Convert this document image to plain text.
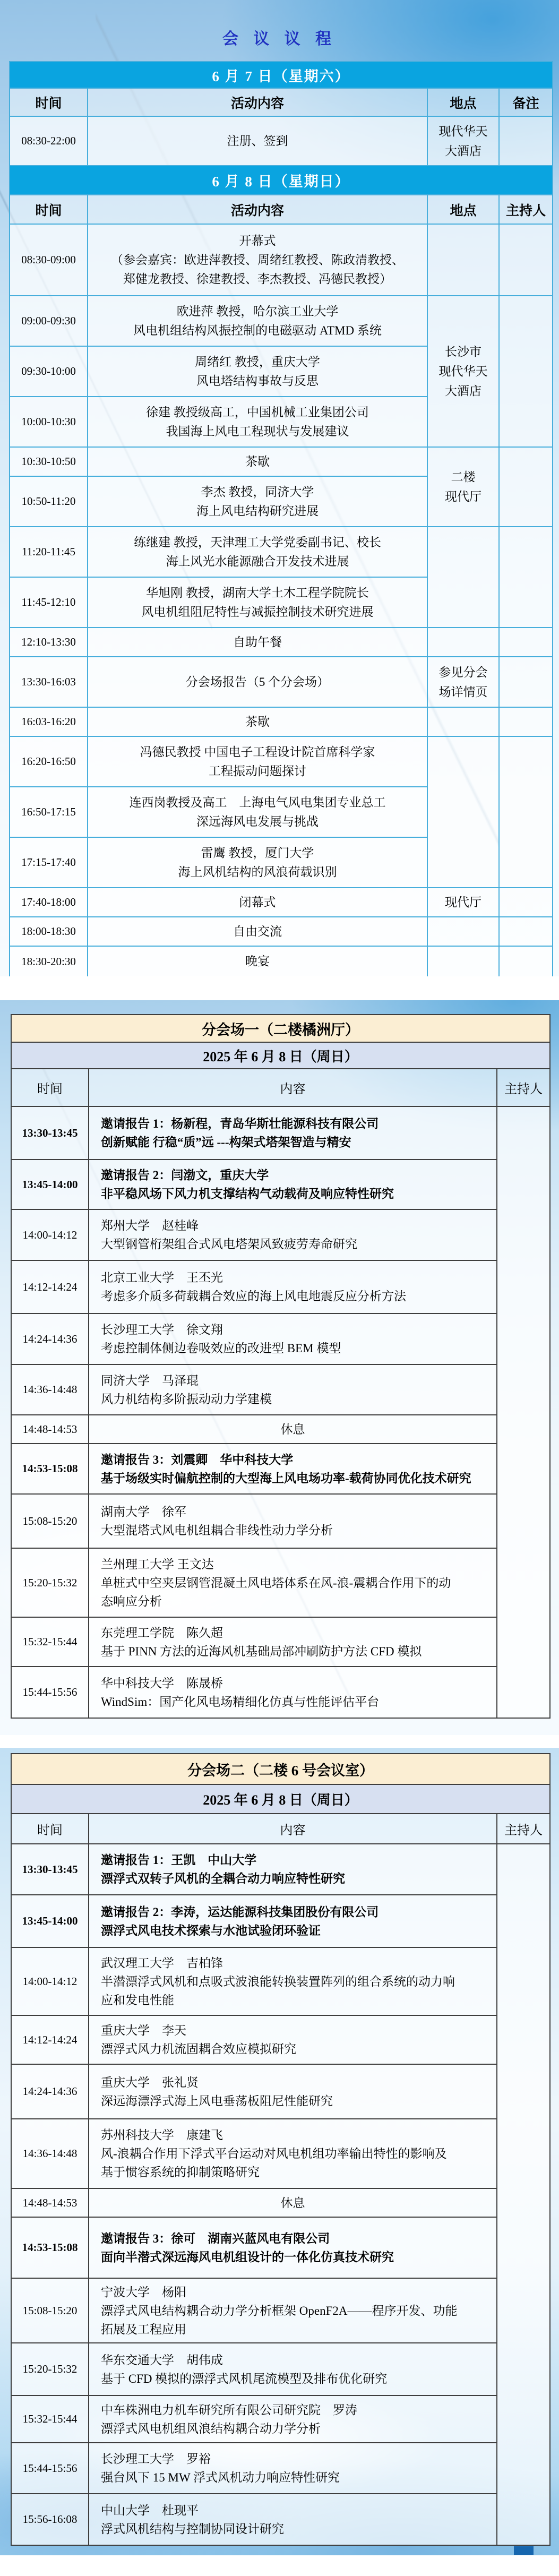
会 议 议 程
6 月 7 日（星期六）			
时间	活动内容	地点	备注
08:30-22:00	注册、签到	现代华天
大酒店	

6 月 8 日（星期日）			
时间	活动内容	地点	主持人
08:30-09:00	开幕式
（参会嘉宾：欧进萍教授、周绪红教授、陈政清教授、
郑健龙教授、徐建教授、李杰教授、冯德民教授）		

09:00-09:30	
欧进萍 教授，哈尔滨工业大学
风电机组结构风振控制的电磁驱动 ATMD 系统

长沙市
现代华天
大酒店

09:30-10:00	周绪红 教授，重庆大学
风电塔结构事故与反思		

10:00-10:30	徐建 教授级高工，中国机械工业集团公司
我国海上风电工程现状与发展建议		

10:30-10:50	茶歇	二楼
现代厅	

10:50-11:20	李杰 教授，同济大学
海上风电结构研究进展		

11:20-11:45	练继建 教授，天津理工大学党委副书记、校长
海上风光水能源融合开发技术进展		

11:45-12:10	华旭刚 教授，湖南大学土木工程学院院长
风电机组阻尼特性与减振控制技术研究进展		

12:10-13:30	自助午餐		

13:30-16:03	分会场报告（5 个分会场）	参见分会
场详情页	

16:03-16:20	茶歇		

16:20-16:50	冯德民教授 中国电子工程设计院首席科学家
工程振动问题探讨		

16:50-17:15	连西岗教授及高工　上海电气风电集团专业总工
深远海风电发展与挑战		

17:15-17:40	雷鹰 教授，厦门大学
海上风机结构的风浪荷载识别		

17:40-18:00	闭幕式	现代厅	

18:00-18:30	自由交流		

18:30-20:30	晚宴		

分会场一（二楼橘洲厅）		
2025 年 6 月 8 日（周日）		
时间	内容	主持人
13:30-13:45	邀请报告 1：杨新程，青岛华斯壮能源科技有限公司
创新赋能 行稳“质”远 ---构架式塔架智造与精安	

13:45-14:00	邀请报告 2：闫渤文，重庆大学
非平稳风场下风力机支撑结构气动载荷及响应特性研究	

14:00-14:12	郑州大学　赵桂峰
大型钢管桁架组合式风电塔架风致疲劳寿命研究	

14:12-14:24	北京工业大学　王丕光
考虑多介质多荷载耦合效应的海上风电地震反应分析方法	

14:24-14:36	长沙理工大学　徐文翔
考虑控制体侧边卷吸效应的改进型 BEM 模型	

14:36-14:48	同济大学　马泽琨
风力机结构多阶振动动力学建模	

14:48-14:53	休息	

14:53-15:08	邀请报告 3：刘震卿　华中科技大学
基于场级实时偏航控制的大型海上风电场功率-载荷协同优化技术研究	

15:08-15:20	湖南大学　徐军
大型混塔式风电机组耦合非线性动力学分析	

15:20-15:32	兰州理工大学 王文达
单桩式中空夹层钢管混凝土风电塔体系在风-浪-震耦合作用下的动
态响应分析	

15:32-15:44	东莞理工学院　陈久超
基于 PINN 方法的近海风机基础局部冲刷防护方法 CFD 模拟	

15:44-15:56	华中科技大学　陈晟桥
WindSim：国产化风电场精细化仿真与性能评估平台	
分会场二（二楼 6 号会议室）		
2025 年 6 月 8 日（周日）		
时间	内容	主持人
13:30-13:45	邀请报告 1：王凯　中山大学
漂浮式双转子风机的全耦合动力响应特性研究	

13:45-14:00	邀请报告 2：李涛，运达能源科技集团股份有限公司
漂浮式风电技术探索与水池试验闭环验证	

14:00-14:12	武汉理工大学　吉柏锋
半潜漂浮式风机和点吸式波浪能转换装置阵列的组合系统的动力响
应和发电性能	

14:12-14:24	重庆大学　李天
漂浮式风力机流固耦合效应模拟研究	

14:24-14:36	重庆大学　张礼贤
深远海漂浮式海上风电垂荡板阻尼性能研究	

14:36-14:48	苏州科技大学　康建飞
风-浪耦合作用下浮式平台运动对风电机组功率输出特性的影响及
基于惯容系统的抑制策略研究	

14:48-14:53	休息	

14:53-15:08	邀请报告 3：徐可　湖南兴蓝风电有限公司
面向半潜式深远海风电机组设计的一体化仿真技术研究	

15:08-15:20	宁波大学　杨阳
漂浮式风电结构耦合动力学分析框架 OpenF2A——程序开发、功能
拓展及工程应用	

15:20-15:32	华东交通大学　胡伟成
基于 CFD 模拟的漂浮式风机尾流模型及排布优化研究	

15:32-15:44	中车株洲电力机车研究所有限公司研究院　罗涛
漂浮式风电机组风浪结构耦合动力学分析	

15:44-15:56	长沙理工大学　罗裕
强台风下 15 MW 浮式风机动力响应特性研究	

15:56-16:08	中山大学　杜现平
浮式风机结构与控制协同设计研究	
